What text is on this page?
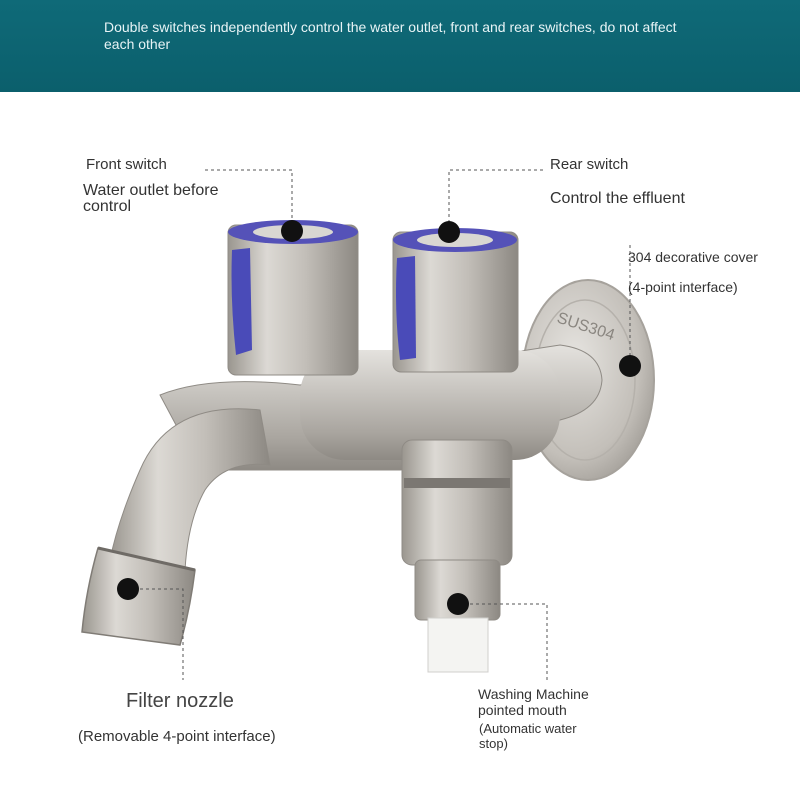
Double switches independently control the water outlet, front and rear switches, do not affect each other
SUS304
Front switch
Water outlet before control
Rear switch
Control the effluent
304 decorative cover
(4-point interface)
Filter nozzle
(Removable 4-point interface)
Washing Machine pointed mouth
(Automatic water stop)
